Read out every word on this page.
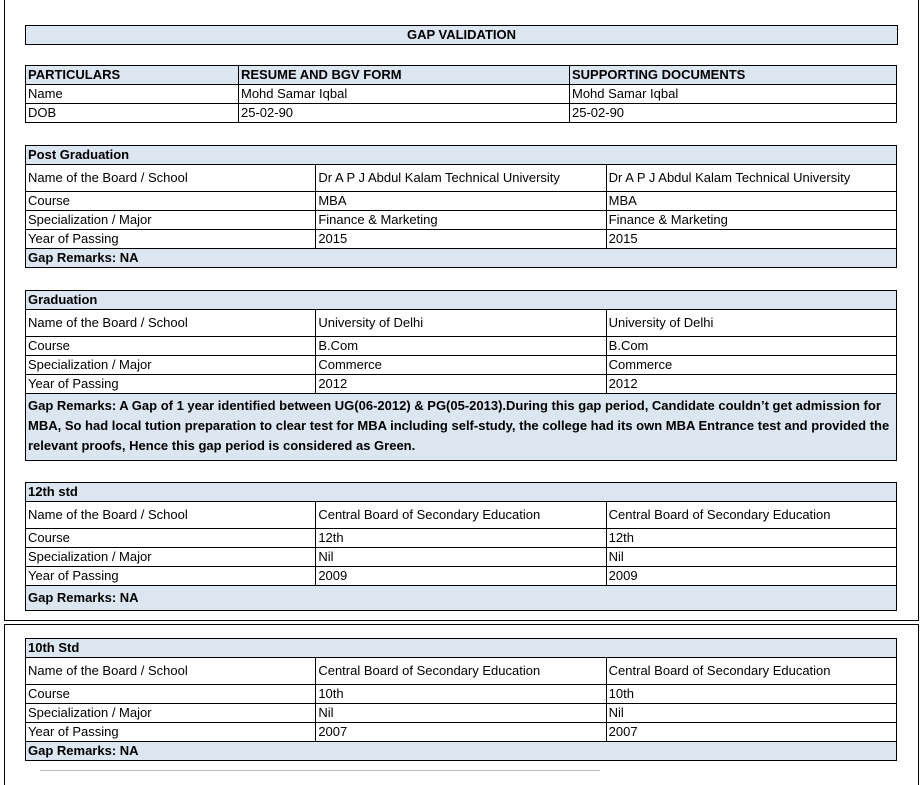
GAP VALIDATION
PARTICULARS	RESUME AND BGV FORM	SUPPORTING DOCUMENTS
Name	Mohd Samar Iqbal	Mohd Samar Iqbal
DOB	25-02-90	25-02-90
Post Graduation		
Name of the Board / School	Dr A P J Abdul Kalam Technical University	Dr A P J Abdul Kalam Technical University
Course	MBA	MBA
Specialization / Major	Finance & Marketing	Finance & Marketing
Year of Passing	2015	2015
Gap Remarks: NA		
Graduation		
Name of the Board / School	University of Delhi	University of Delhi
Course	B.Com	B.Com
Specialization / Major	Commerce	Commerce
Year of Passing	2012	2012
Gap Remarks: A Gap of 1 year identified between UG(06-2012) & PG(05-2013).During this gap period, Candidate couldn’t get admission for MBA, So had local tution preparation to clear test for MBA including self-study, the college had its own MBA Entrance test and provided the relevant proofs, Hence this gap period is considered as Green.		
12th std		
Name of the Board / School	Central Board of Secondary Education	Central Board of Secondary Education
Course	12th	12th
Specialization / Major	Nil	Nil
Year of Passing	2009	2009
Gap Remarks: NA		
10th Std		
Name of the Board / School	Central Board of Secondary Education	Central Board of Secondary Education
Course	10th	10th
Specialization / Major	Nil	Nil
Year of Passing	2007	2007
Gap Remarks: NA		
